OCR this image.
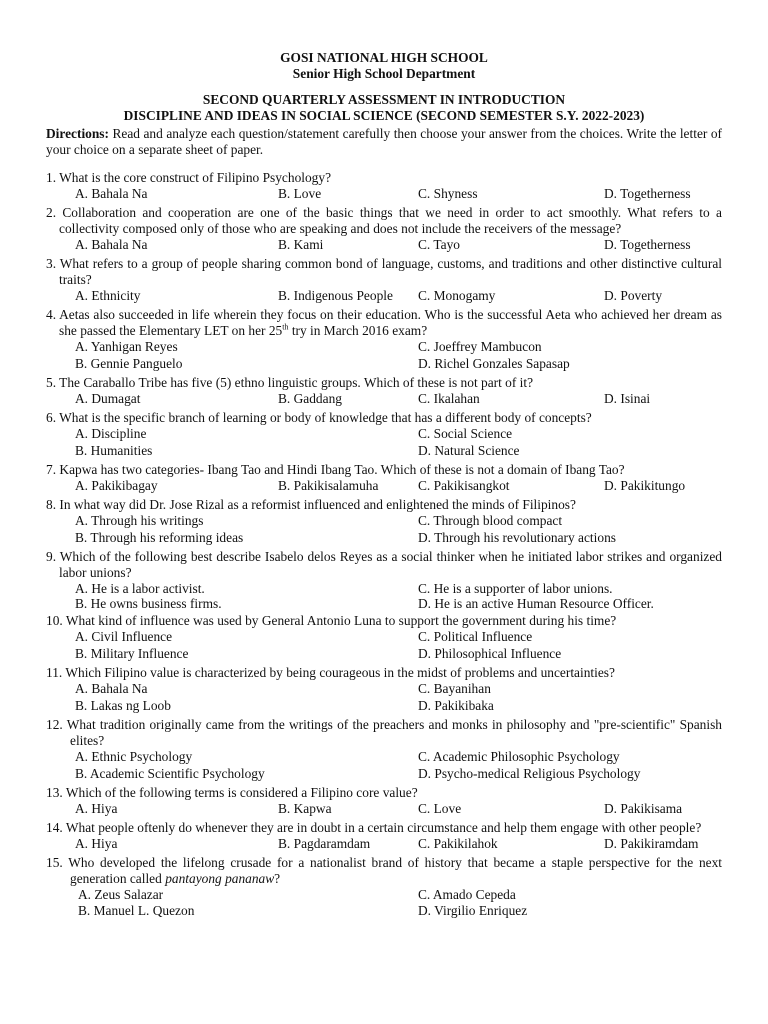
GOSI NATIONAL HIGH SCHOOL
Senior High School Department
SECOND QUARTERLY ASSESSMENT IN INTRODUCTION
DISCIPLINE AND IDEAS IN SOCIAL SCIENCE (SECOND SEMESTER S.Y. 2022-2023)
Directions: Read and analyze each question/statement carefully then choose your answer from the choices. Write the letter of your choice on a separate sheet of paper.
1. What is the core construct of Filipino Psychology?
A. Bahala Na	B. Love	C. Shyness	D. Togetherness
2. Collaboration and cooperation are one of the basic things that we need in order to act smoothly. What refers to a collectivity composed only of those who are speaking and does not include the receivers of the message?
A. Bahala Na	B. Kami	C. Tayo	D. Togetherness
3. What refers to a group of people sharing common bond of language, customs, and traditions and other distinctive cultural traits?
A. Ethnicity	B. Indigenous People C. Monogamy	D. Poverty
4. Aetas also succeeded in life wherein they focus on their education. Who is the successful Aeta who achieved her dream as she passed the Elementary LET on her 25th try in March 2016 exam?
A. Yanhigan Reyes	C. Joeffrey Mambucon
B. Gennie Panguelo	D. Richel Gonzales Sapasap
5. The Caraballo Tribe has five (5) ethno linguistic groups. Which of these is not part of it?
A. Dumagat	B. Gaddang	C. Ikalahan	D. Isinai
6. What is the specific branch of learning or body of knowledge that has a different body of concepts?
A. Discipline	C. Social Science
B. Humanities	D. Natural Science
7. Kapwa has two categories- Ibang Tao and Hindi Ibang Tao. Which of these is not a domain of Ibang Tao?
A. Pakikibagay	B. Pakikisalamuha	C. Pakikisangkot	D. Pakikitungo
8. In what way did Dr. Jose Rizal as a reformist influenced and enlightened the minds of Filipinos?
A. Through his writings	C. Through blood compact
B. Through his reforming ideas	D. Through his revolutionary actions
9. Which of the following best describe Isabelo delos Reyes as a social thinker when he initiated labor strikes and organized labor unions?
A. He is a labor activist.	C. He is a supporter of labor unions.
B. He owns business firms.	D. He is an active Human Resource Officer.
10. What kind of influence was used by General Antonio Luna to support the government during his time?
A. Civil Influence	C. Political Influence
B. Military Influence	D. Philosophical Influence
11. Which Filipino value is characterized by being courageous in the midst of problems and uncertainties?
A. Bahala Na	C. Bayanihan
B. Lakas ng Loob	D. Pakikibaka
12. What tradition originally came from the writings of the preachers and monks in philosophy and "pre-scientific" Spanish elites?
A. Ethnic Psychology	C. Academic Philosophic Psychology
B. Academic Scientific Psychology	D. Psycho-medical Religious Psychology
13. Which of the following terms is considered a Filipino core value?
A. Hiya	B. Kapwa	C. Love	D. Pakikisama
14. What people oftenly do whenever they are in doubt in a certain circumstance and help them engage with other people?
A. Hiya	B. Pagdaramdam	C. Pakikilahok	D. Pakikiramdam
15. Who developed the lifelong crusade for a nationalist brand of history that became a staple perspective for the next generation called pantayong pananaw?
A. Zeus Salazar	C. Amado Cepeda
B. Manuel L. Quezon	D. Virgilio Enriquez
